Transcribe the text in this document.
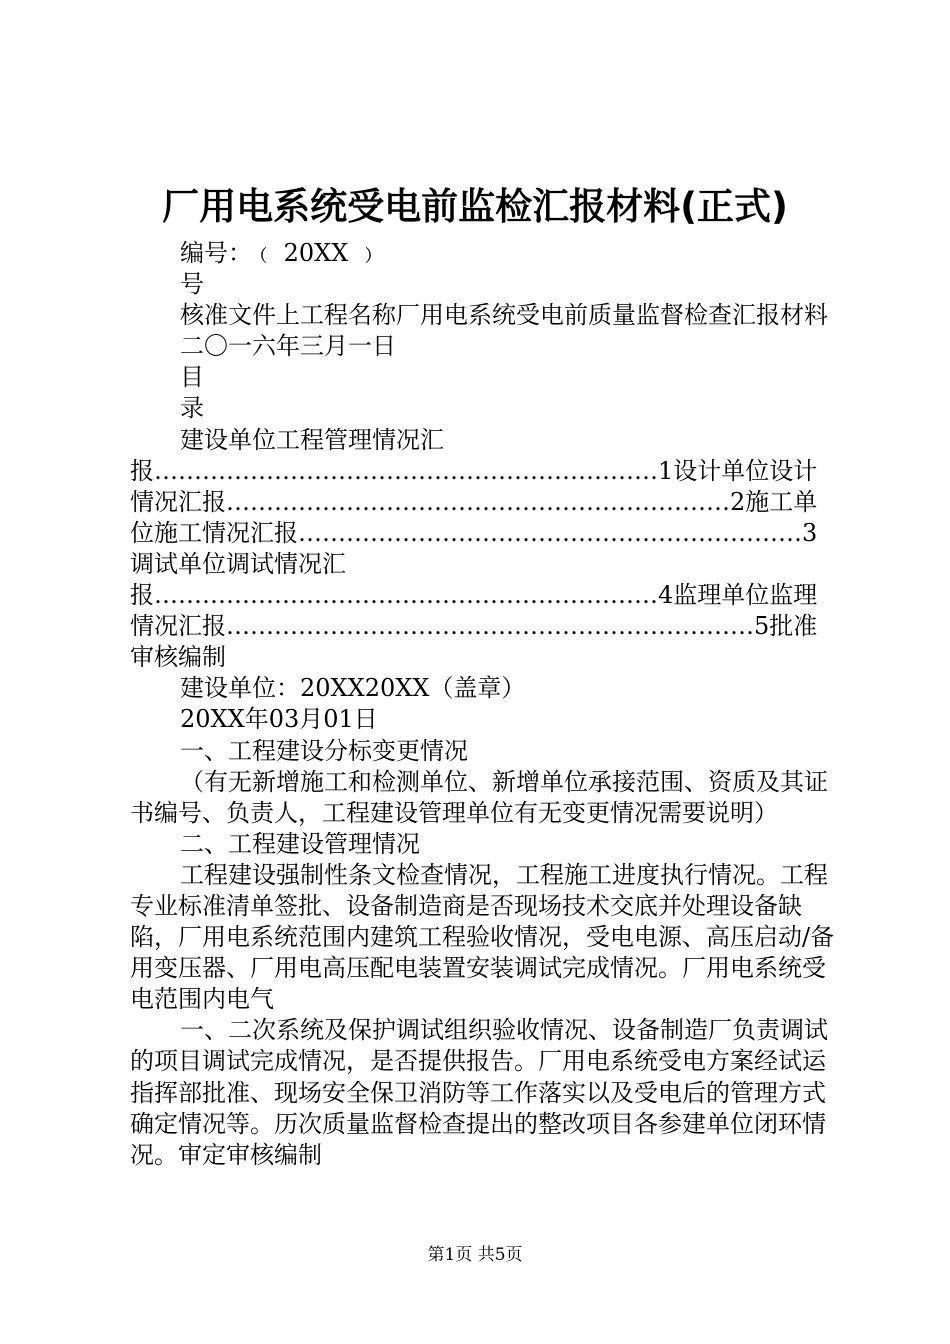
厂用电系统受电前监检汇报材料(正式)

编号：﹙ 20XX ﹚

号

核准文件上工程名称厂用电系统受电前质量监督检查汇报材料

二〇一六年三月一日

目

录

建设单位工程管理情况汇报………………………………………………………1设计单位设计情况汇报………………………………………………………2施工单位施工情况汇报………………………………………………………3调试单位调试情况汇报………………………………………………………4监理单位监理情况汇报…………………………………………………………5批准审核编制

建设单位：20XX20XX（盖章）

20XX年03月01日

一、工程建设分标变更情况

（有无新增施工和检测单位、新增单位承接范围、资质及其证书编号、负责人，工程建设管理单位有无变更情况需要说明）

二、工程建设管理情况

工程建设强制性条文检查情况，工程施工进度执行情况。工程专业标准清单签批、设备制造商是否现场技术交底并处理设备缺陷，厂用电系统范围内建筑工程验收情况，受电电源、高压启动/备用变压器、厂用电高压配电装置安装调试完成情况。厂用电系统受电范围内电气

一、二次系统及保护调试组织验收情况、设备制造厂负责调试的项目调试完成情况，是否提供报告。厂用电系统受电方案经试运指挥部批准、现场安全保卫消防等工作落实以及受电后的管理方式确定情况等。历次质量监督检查提出的整改项目各参建单位闭环情况。审定审核编制

第1页 共5页
